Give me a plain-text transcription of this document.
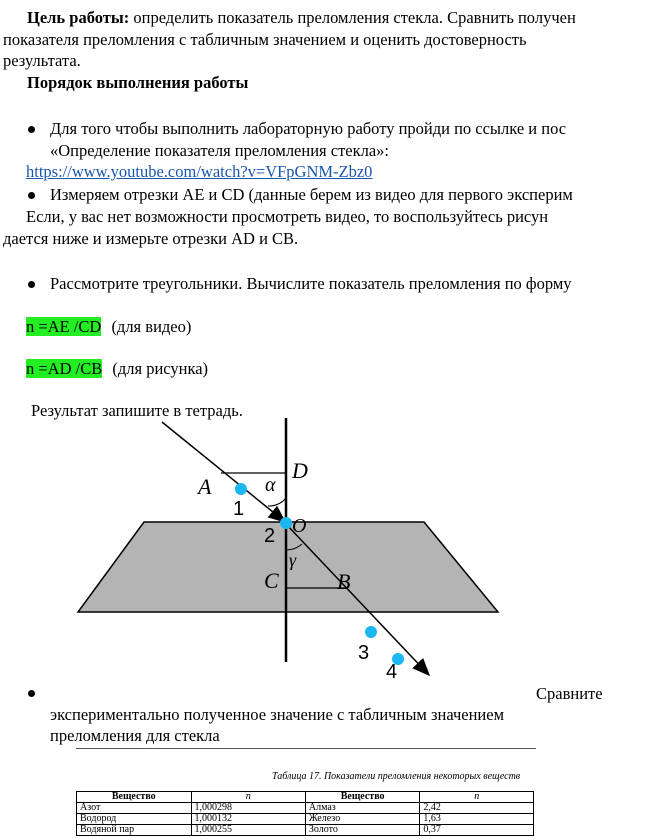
Цель работы: определить показатель преломления стекла. Сравнить получен
показателя преломления с табличным значением и оценить достоверность
результата.
Порядок выполнения работы
Для того чтобы выполнить лабораторную работу пройди по ссылке и пос
«Определение показателя преломления стекла»:
https://www.youtube.com/watch?v=VFpGNM-Zbz0
Измеряем отрезки АЕ и CD (данные берем из видео для первого эксперим
Если, у вас нет возможности просмотреть видео, то воспользуйтесь рисун
дается ниже и измерьте отрезки AD и CB.
Рассмотрите треугольники. Вычислите показатель преломления по форму
n =AE /CD (для видео)
n =AD /CB (для рисунка)
Результат запишите в тетрадь.
A
D
α
1
2 O
γ
C	B
3
4
Сравните
экспериментально полученное значение с табличным значением
преломления для стекла
Таблица 17. Показатели преломления некоторых веществ
Вещество	n	Вещество	n
Азот	1,000298	Алмаз	2,42
Водород	1,000132	Железо	1,63
Водяной пар	1,000255	Золото	0,37
